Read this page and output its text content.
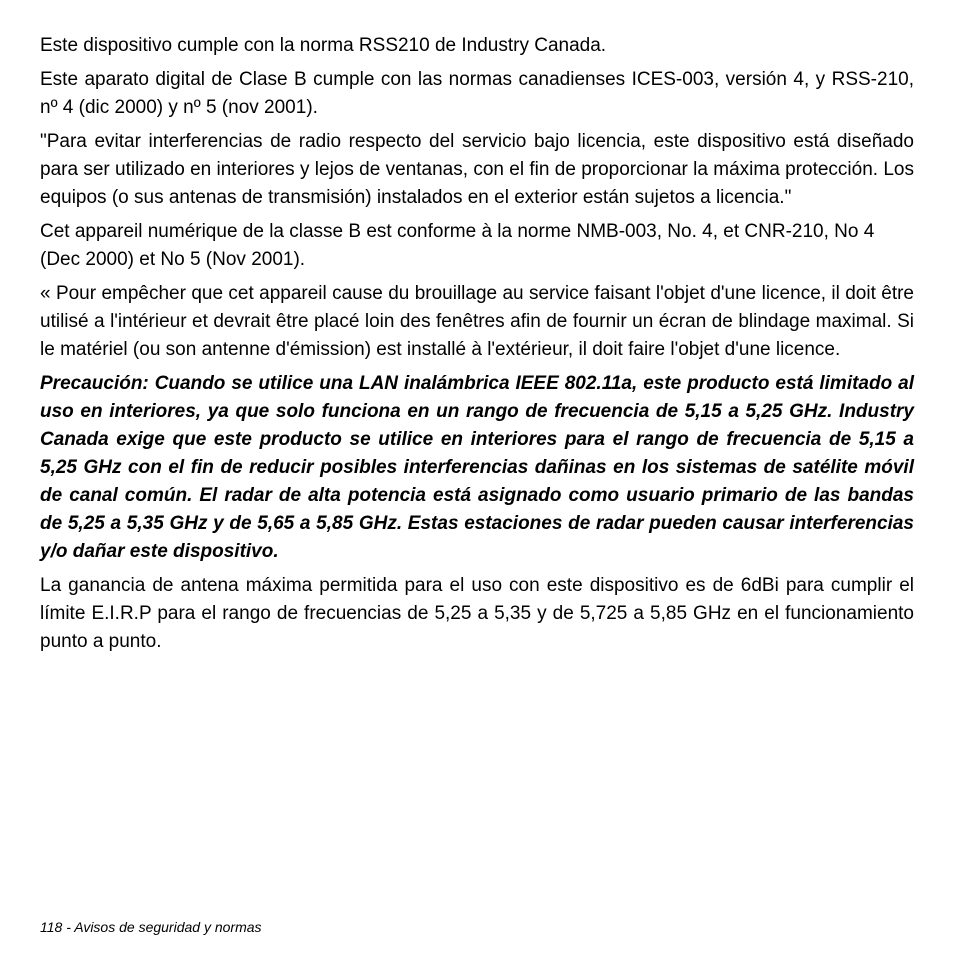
Este dispositivo cumple con la norma RSS210 de Industry Canada.

Este aparato digital de Clase B cumple con las normas canadienses ICES-003, versión 4, y RSS-210, nº 4 (dic 2000) y nº 5 (nov 2001).

"Para evitar interferencias de radio respecto del servicio bajo licencia, este dispositivo está diseñado para ser utilizado en interiores y lejos de ventanas, con el fin de proporcionar la máxima protección. Los equipos (o sus antenas de transmisión) instalados en el exterior están sujetos a licencia."

Cet appareil numérique de la classe B est conforme à la norme NMB-003, No. 4, et CNR-210, No 4 (Dec 2000) et No 5 (Nov 2001).

« Pour empêcher que cet appareil cause du brouillage au service faisant l'objet d'une licence, il doit être utilisé a l'intérieur et devrait être placé loin des fenêtres afin de fournir un écran de blindage maximal. Si le matériel (ou son antenne d'émission) est installé à l'extérieur, il doit faire l'objet d'une licence.

Precaución: Cuando se utilice una LAN inalámbrica IEEE 802.11a, este producto está limitado al uso en interiores, ya que solo funciona en un rango de frecuencia de 5,15 a 5,25 GHz. Industry Canada exige que este producto se utilice en interiores para el rango de frecuencia de 5,15 a 5,25 GHz con el fin de reducir posibles interferencias dañinas en los sistemas de satélite móvil de canal común. El radar de alta potencia está asignado como usuario primario de las bandas de 5,25 a 5,35 GHz y de 5,65 a 5,85 GHz. Estas estaciones de radar pueden causar interferencias y/o dañar este dispositivo.

La ganancia de antena máxima permitida para el uso con este dispositivo es de 6dBi para cumplir el límite E.I.R.P para el rango de frecuencias de 5,25 a 5,35 y de 5,725 a 5,85 GHz en el funcionamiento punto a punto.

118 - Avisos de seguridad y normas
